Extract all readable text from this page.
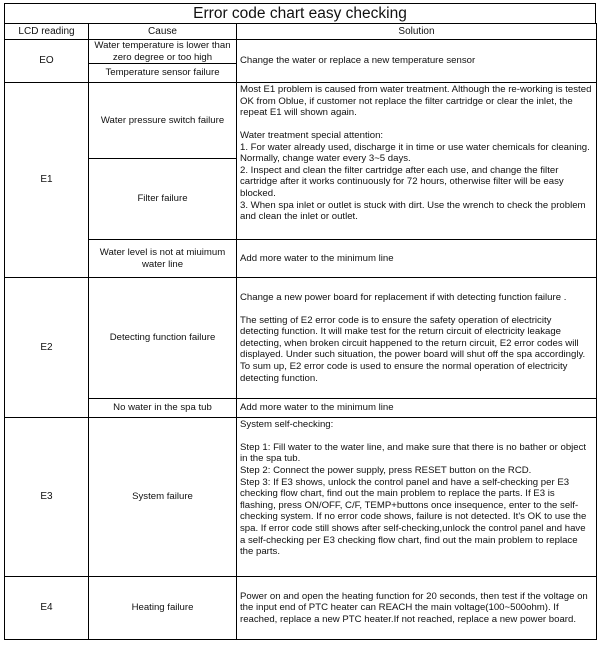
Error code chart easy checking
LCD reading	Cause	Solution
EO	Water temperature is lower than zero degree or too high	Change the water or replace a new temperature sensor
	Temperature sensor failure	
E1	Water pressure switch failure	Most E1 problem is caused from water treatment. Although the re-working is tested OK from Oblue, if customer not replace the filter cartridge or clear the inlet, the repeat E1 will shown again.
Water treatment special attention:
1. For water already used, discharge it in time or use water chemicals for cleaning. Normally, change water every 3~5 days.
2. Inspect and clean the filter cartridge after each use, and change the filter cartridge after it works continuously for 72 hours, otherwise filter will be easy blocked.
3. When spa inlet or outlet is stuck with dirt. Use the wrench to check the problem and clean the inlet or outlet.

	Filter failure	
	Water level is not at miuimum water line	Add more water to the minimum line
E2	Detecting function failure	Change a new power board for replacement if with detecting function failure .
The setting of E2 error code is to ensure the safety operation of electricity detecting function. It will make test for the return circuit of electricity leakage detecting, when broken circuit happened to the return circuit, E2 error codes will displayed. Under such situation, the power board will shut off the spa accordingly. To sum up, E2 error code is used to ensure the normal operation of electricity detecting function.

	No water in the spa tub	Add more water to the minimum line
E3	System failure	System self-checking:
Step 1: Fill water to the water line, and make sure that there is no bather or object in the spa tub.
Step 2: Connect the power supply, press RESET button on the RCD.
Step 3: If E3 shows, unlock the control panel and have a self-checking per E3 checking flow chart, find out the main problem to replace the parts. If E3 is flashing, press ON/OFF, C/F, TEMP+buttons once insequence, enter to the self-checking system. If no error code shows, failure is not detected. It's OK to use the spa. If error code still shows after self-checking,unlock the control panel and have a self-checking per E3 checking flow chart, find out the main problem to replace the parts.

E4	Heating failure	Power on and open the heating function for 20 seconds, then test if the voltage on the input end of PTC heater can REACH the main voltage(100~500ohm). If reached, replace a new PTC heater.If not reached, replace a new power board.
